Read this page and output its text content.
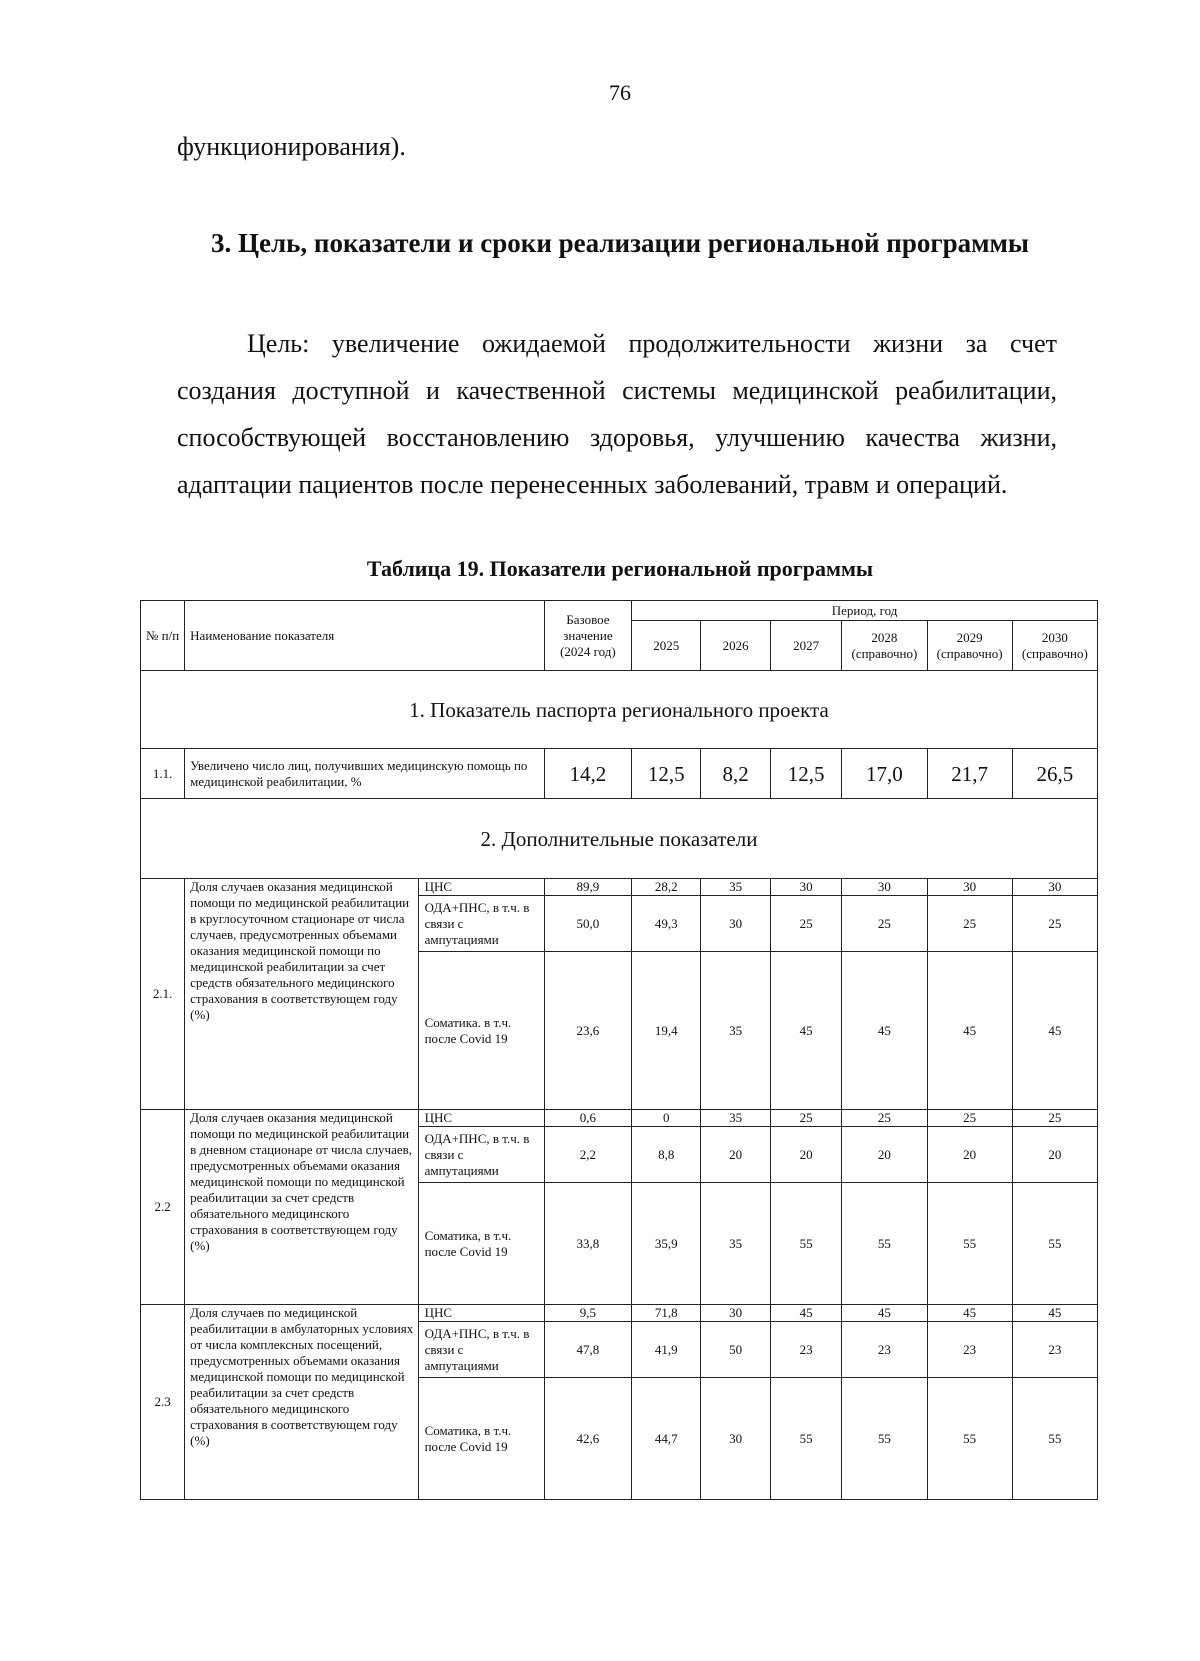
76
функционирования).
3. Цель, показатели и сроки реализации региональной программы
Цель: увеличение ожидаемой продолжительности жизни за счет создания доступной и качественной системы медицинской реабилитации, способствующей восстановлению здоровья, улучшению качества жизни, адаптации пациентов после перенесенных заболеваний, травм и операций.
Таблица 19. Показатели региональной программы
№ п/п	Наименование показателя		Базовое значение (2024 год)	Период, год					
				2025	2026	2027	2028 (справочно)	2029 (справочно)	2030 (справочно)
1. Показатель паспорта регионального проекта									
1.1.	Увеличено число лиц, получивших медицинскую помощь по медицинской реабилитации, %		14,2	12,5	8,2	12,5	17,0	21,7	26,5
2. Дополнительные показатели									
2.1.	Доля случаев оказания медицинской помощи по медицинской реабилитации в круглосуточном стационаре от числа случаев, предусмотренных объемами оказания медицинской помощи по медицинской реабилитации за счет средств обязательного медицинского страхования в соответствующем году (%)	ЦНС	89,9	28,2	35	30	30	30	30
		ОДА+ПНС, в т.ч. в связи с ампутациями	50,0	49,3	30	25	25	25	25
		Соматика. в т.ч. после Covid 19	23,6	19,4	35	45	45	45	45
2.2	Доля случаев оказания медицинской помощи по медицинской реабилитации в дневном стационаре от числа случаев, предусмотренных объемами оказания медицинской помощи по медицинской реабилитации за счет средств обязательного медицинского страхования в соответствующем году (%)	ЦНС	0,6	0	35	25	25	25	25
		ОДА+ПНС, в т.ч. в связи с ампутациями	2,2	8,8	20	20	20	20	20
		Соматика, в т.ч. после Covid 19	33,8	35,9	35	55	55	55	55
2.3	Доля случаев по медицинской реабилитации в амбулаторных условиях от числа комплексных посещений, предусмотренных объемами оказания медицинской помощи по медицинской реабилитации за счет средств обязательного медицинского страхования в соответствующем году (%)	ЦНС	9,5	71,8	30	45	45	45	45
		ОДА+ПНС, в т.ч. в связи с ампутациями	47,8	41,9	50	23	23	23	23
		Соматика, в т.ч. после Covid 19	42,6	44,7	30	55	55	55	55
